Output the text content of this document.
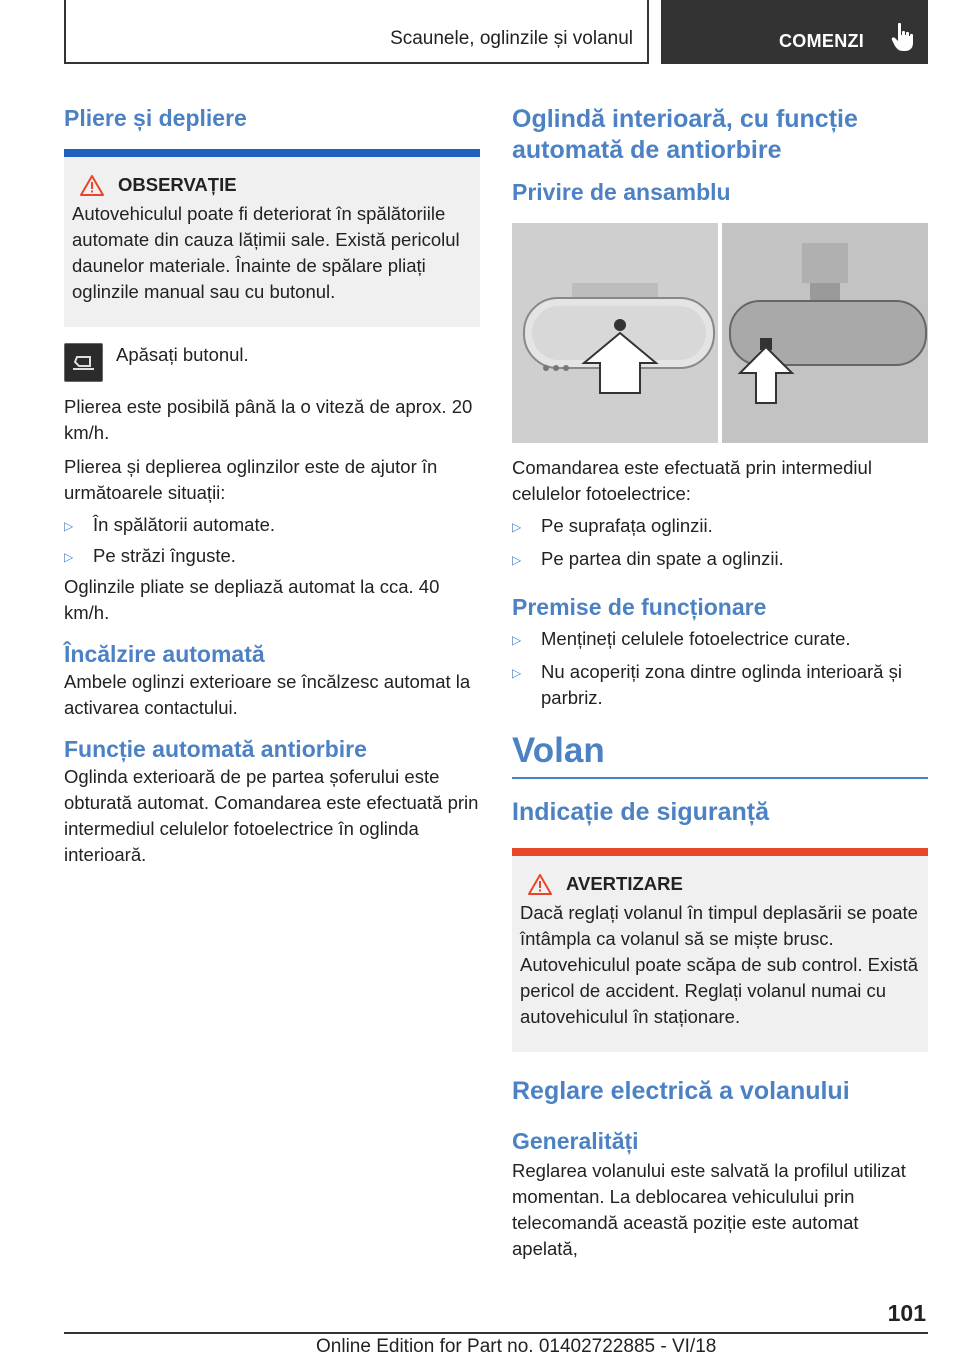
Scaunele, oglinzile și volanul	COMENZI
Pliere și depliere
OBSERVAȚIE
Autovehiculul poate fi deteriorat în spălătoriile automate din cauza lățimii sale. Există pericolul daunelor materiale. Înainte de spălare pliați oglinzile manual sau cu butonul.
Apăsați butonul.
Plierea este posibilă până la o viteză de aprox. 20 km/h.
Plierea și deplierea oglinzilor este de ajutor în următoarele situații:
▷	În spălătorii automate.
▷	Pe străzi înguste.
Oglinzile pliate se depliază automat la cca. 40 km/h.
Încălzire automată
Ambele oglinzi exterioare se încălzesc automat la activarea contactului.
Funcție automată antiorbire
Oglinda exterioară de pe partea șoferului este obturată automat. Comandarea este efectuată prin intermediul celulelor fotoelectrice în oglinda interioară.
Oglindă interioară, cu funcție automată de antiorbire
Privire de ansamblu
Comandarea este efectuată prin intermediul celulelor fotoelectrice:
▷	Pe suprafața oglinzii.
▷	Pe partea din spate a oglinzii.
Premise de funcționare
▷	Mențineți celulele fotoelectrice curate.
▷	Nu acoperiți zona dintre oglinda interioară și parbriz.
Volan
Indicație de siguranță
AVERTIZARE
Dacă reglați volanul în timpul deplasării se poate întâmpla ca volanul să se miște brusc. Autovehiculul poate scăpa de sub control. Există pericol de accident. Reglați volanul numai cu autovehiculul în staționare.
Reglare electrică a volanului
Generalități
Reglarea volanului este salvată la profilul utilizat momentan. La deblocarea vehiculului prin telecomandă această poziție este automat apelată,
101
Online Edition for Part no. 01402722885 - VI/18
